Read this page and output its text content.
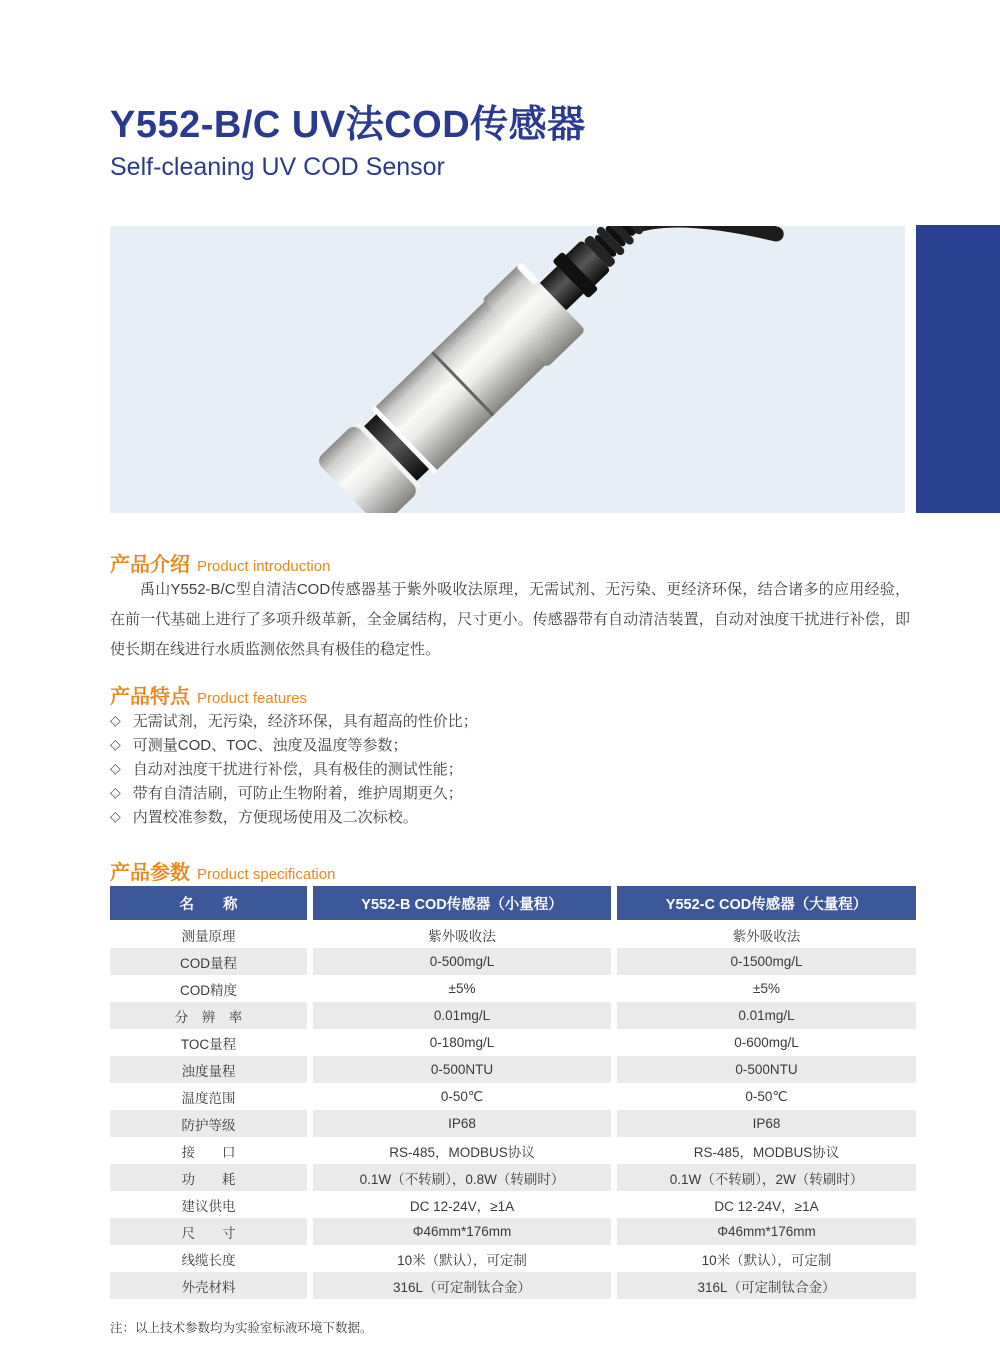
Y552-B/C UV法COD传感器
Self-cleaning UV COD Sensor
产品介绍 Product introduction

禹山Y552-B/C型自清洁COD传感器基于紫外吸收法原理，无需试剂、无污染、更经济环保，结合诸多的应用经验，在前一代基础上进行了多项升级革新，全金属结构，尺寸更小。传感器带有自动清洁装置，自动对浊度干扰进行补偿，即使长期在线进行水质监测依然具有极佳的稳定性。

产品特点 Product features
◇ 无需试剂，无污染，经济环保，具有超高的性价比；
◇ 可测量COD、TOC、浊度及温度等参数；
◇ 自动对浊度干扰进行补偿，具有极佳的测试性能；
◇ 带有自清洁刷，可防止生物附着，维护周期更久；
◇ 内置校准参数，方便现场使用及二次标校。
产品参数 Product specification
名　　称	Y552-B COD传感器（小量程）	Y552-C COD传感器（大量程）
测量原理	紫外吸收法	紫外吸收法
COD量程	0-500mg/L	0-1500mg/L
COD精度	±5%	±5%
分　辨　率	0.01mg/L	0.01mg/L
TOC量程	0-180mg/L	0-600mg/L
浊度量程	0-500NTU	0-500NTU
温度范围	0-50℃	0-50℃
防护等级	IP68	IP68
接　　口	RS-485，MODBUS协议	RS-485，MODBUS协议
功　　耗	0.1W（不转刷），0.8W（转刷时）	0.1W（不转刷），2W（转刷时）
建议供电	DC 12-24V，≥1A	DC 12-24V，≥1A
尺　　寸	Φ46mm*176mm	Φ46mm*176mm
线缆长度	10米（默认），可定制	10米（默认），可定制
外壳材料	316L（可定制钛合金）	316L（可定制钛合金）
注：以上技术参数均为实验室标液环境下数据。
